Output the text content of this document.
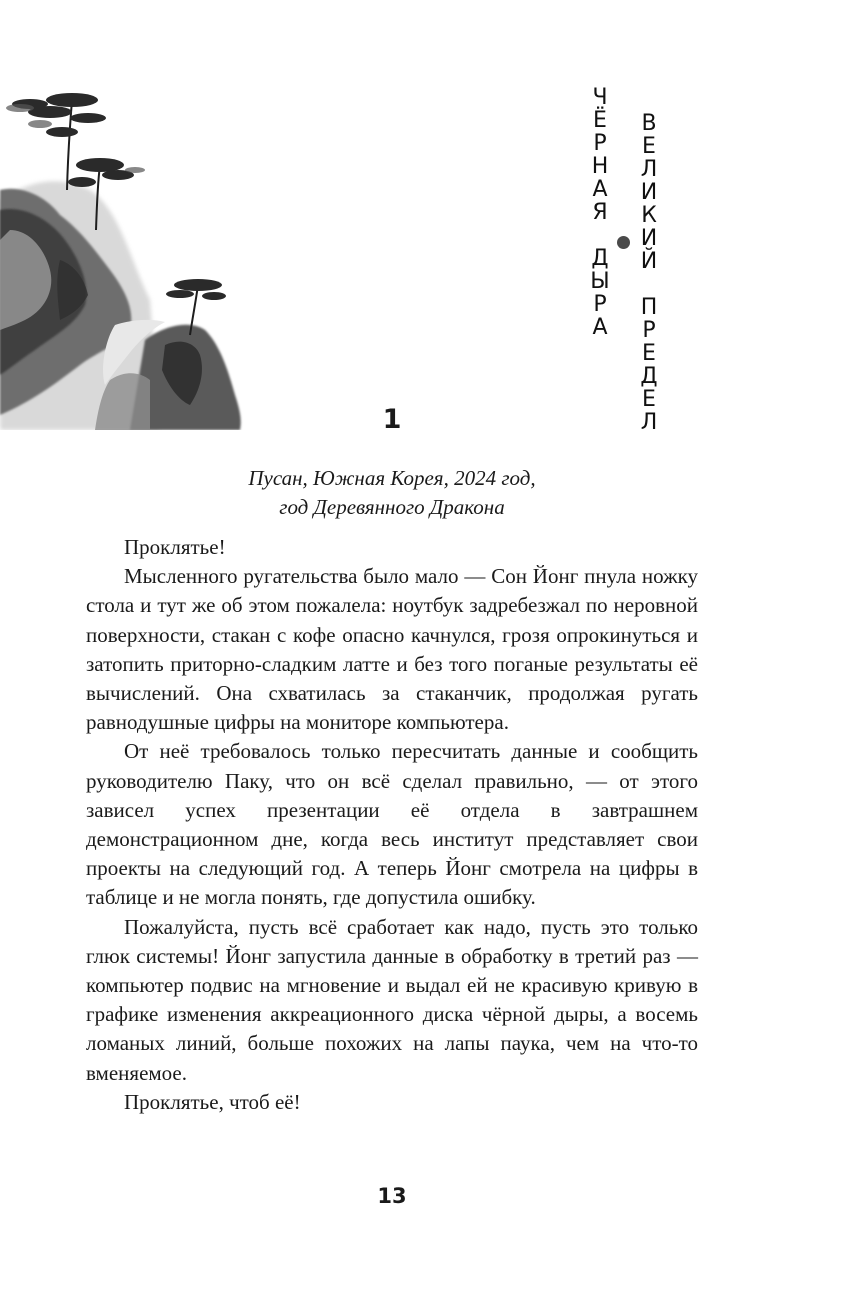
Ч
Ё
Р
Н
А
Я
Д
Ы
Р
А
В
Е
Л
И
К
И
Й
П
Р
Е
Д
Е
Л
1
Пусан, Южная Корея, 2024 год,
год Деревянного Дракона

Проклятье!

Мысленного ругательства было мало — Сон Йонг пнула ножку стола и тут же об этом пожалела: ноутбук задребезжал по неровной поверхности, стакан с кофе опасно качнулся, грозя опрокинуться и затопить приторно-сладким латте и без того поганые результаты её вычислений. Она схватилась за стаканчик, продолжая ругать равнодушные цифры на мониторе компьютера.

От неё требовалось только пересчитать данные и сообщить руководителю Паку, что он всё сделал правильно, — от этого зависел успех презентации её отдела в завтрашнем демонстрационном дне, когда весь институт представляет свои проекты на следующий год. А теперь Йонг смотрела на цифры в таблице и не могла понять, где допустила ошибку.

Пожалуйста, пусть всё сработает как надо, пусть это только глюк системы! Йонг запустила данные в обработку в третий раз — компьютер подвис на мгновение и выдал ей не красивую кривую в графике изменения аккреационного диска чёрной дыры, а восемь ломаных линий, больше похожих на лапы паука, чем на что-то вменяемое.

Проклятье, чтоб её!

13
